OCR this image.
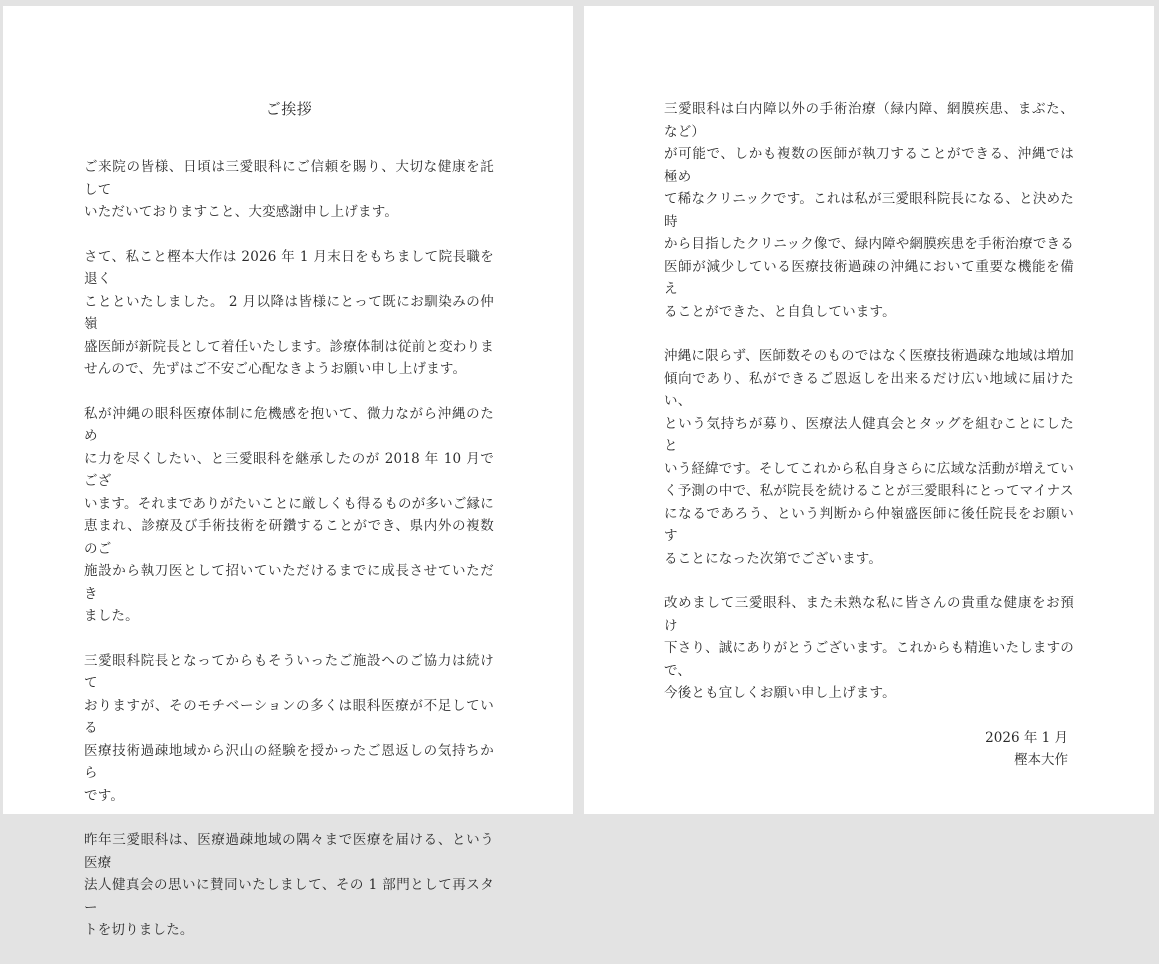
ご挨拶

ご来院の皆様、日頃は三愛眼科にご信頼を賜り、大切な健康を託して
いただいておりますこと、大変感謝申し上げます。

さて、私こと樫本大作は 2026 年 1 月末日をもちまして院長職を退く
ことといたしました。 2 月以降は皆様にとって既にお馴染みの仲嶺
盛医師が新院長として着任いたします。診療体制は従前と変わりま
せんので、先ずはご不安ご心配なきようお願い申し上げます。

私が沖縄の眼科医療体制に危機感を抱いて、微力ながら沖縄のため
に力を尽くしたい、と三愛眼科を継承したのが 2018 年 10 月でござ
います。それまでありがたいことに厳しくも得るものが多いご縁に
恵まれ、診療及び手術技術を研鑽することができ、県内外の複数のご
施設から執刀医として招いていただけるまでに成長させていただき
ました。

三愛眼科院長となってからもそういったご施設へのご協力は続けて
おりますが、そのモチベーションの多くは眼科医療が不足している
医療技術過疎地域から沢山の経験を授かったご恩返しの気持ちから
です。

昨年三愛眼科は、医療過疎地域の隅々まで医療を届ける、という医療
法人健真会の思いに賛同いたしまして、その 1 部門として再スター
トを切りました。

三愛眼科は白内障以外の手術治療（緑内障、網膜疾患、まぶた、など）
が可能で、しかも複数の医師が執刀することができる、沖縄では極め
て稀なクリニックです。これは私が三愛眼科院長になる、と決めた時
から目指したクリニック像で、緑内障や網膜疾患を手術治療できる
医師が減少している医療技術過疎の沖縄において重要な機能を備え
ることができた、と自負しています。

沖縄に限らず、医師数そのものではなく医療技術過疎な地域は増加
傾向であり、私ができるご恩返しを出来るだけ広い地域に届けたい、
という気持ちが募り、医療法人健真会とタッグを組むことにしたと
いう経緯です。そしてこれから私自身さらに広域な活動が増えてい
く予測の中で、私が院長を続けることが三愛眼科にとってマイナス
になるであろう、という判断から仲嶺盛医師に後任院長をお願いす
ることになった次第でございます。

改めまして三愛眼科、また未熟な私に皆さんの貴重な健康をお預け
下さり、誠にありがとうございます。これからも精進いたしますので、
今後とも宜しくお願い申し上げます。

2026 年 1 月
樫本大作
